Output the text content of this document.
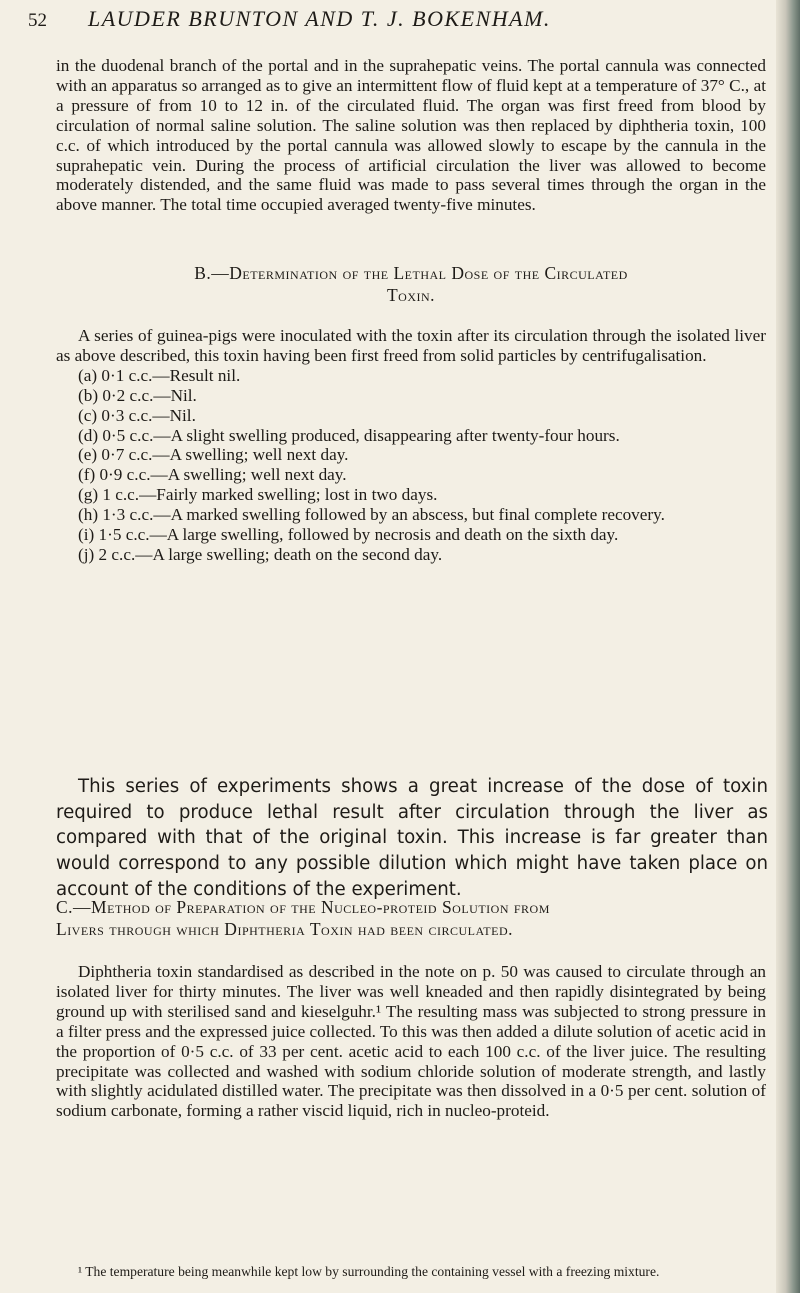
52 LAUDER BRUNTON AND T. J. BOKENHAM.

in the duodenal branch of the portal and in the suprahepatic veins. The portal cannula was connected with an apparatus so arranged as to give an intermittent flow of fluid kept at a temperature of 37° C., at a pressure of from 10 to 12 in. of the circulated fluid. The organ was first freed from blood by circulation of normal saline solution. The saline solution was then replaced by diphtheria toxin, 100 c.c. of which introduced by the portal cannula was allowed slowly to escape by the cannula in the suprahepatic vein. During the process of artificial circulation the liver was allowed to become moderately distended, and the same fluid was made to pass several times through the organ in the above manner. The total time occupied averaged twenty-five minutes.

B.—Determination of the Lethal Dose of the Circulated
Toxin.

A series of guinea-pigs were inoculated with the toxin after its circulation through the isolated liver as above described, this toxin having been first freed from solid particles by centrifugalisation.

(a) 0·1 c.c.—Result nil.

(b) 0·2 c.c.—Nil.

(c) 0·3 c.c.—Nil.

(d) 0·5 c.c.—A slight swelling produced, disappearing after twenty-four hours.

(e) 0·7 c.c.—A swelling; well next day.

(f) 0·9 c.c.—A swelling; well next day.

(g) 1 c.c.—Fairly marked swelling; lost in two days.

(h) 1·3 c.c.—A marked swelling followed by an abscess, but final complete recovery.

(i) 1·5 c.c.—A large swelling, followed by necrosis and death on the sixth day.

(j) 2 c.c.—A large swelling; death on the second day.

This series of experiments shows a great increase of the dose of toxin required to produce lethal result after circulation through the liver as compared with that of the original toxin. This increase is far greater than would correspond to any possible dilution which might have taken place on account of the conditions of the experiment.

C.—Method of Preparation of the Nucleo-proteid Solution from
Livers through which Diphtheria Toxin had been circulated.

Diphtheria toxin standardised as described in the note on p. 50 was caused to circulate through an isolated liver for thirty minutes. The liver was well kneaded and then rapidly disintegrated by being ground up with sterilised sand and kieselguhr.¹ The resulting mass was subjected to strong pressure in a filter press and the expressed juice collected. To this was then added a dilute solution of acetic acid in the proportion of 0·5 c.c. of 33 per cent. acetic acid to each 100 c.c. of the liver juice. The resulting precipitate was collected and washed with sodium chloride solution of moderate strength, and lastly with slightly acidulated distilled water. The precipitate was then dissolved in a 0·5 per cent. solution of sodium carbonate, forming a rather viscid liquid, rich in nucleo-proteid.

¹ The temperature being meanwhile kept low by surrounding the containing vessel with a freezing mixture.
